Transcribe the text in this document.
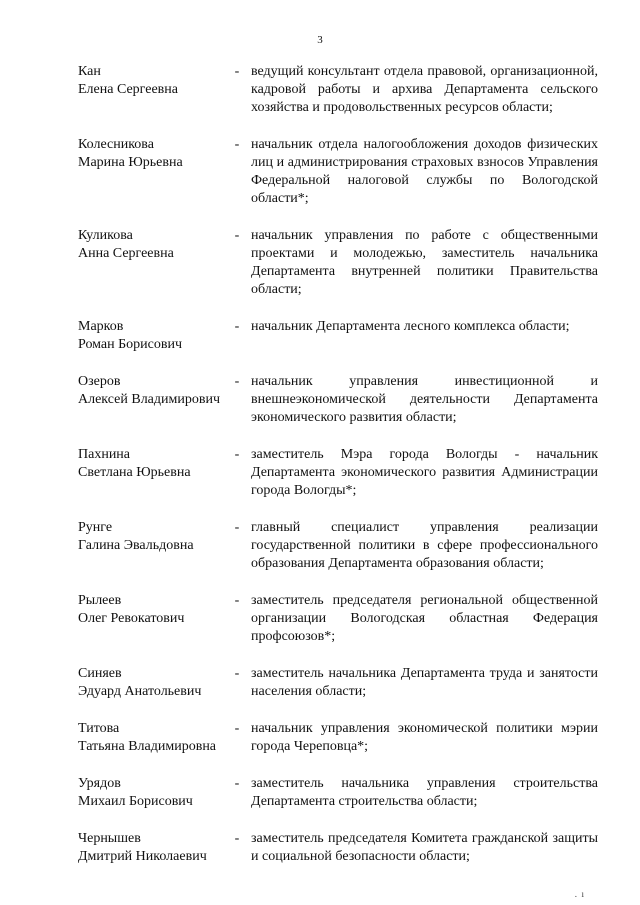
3
Кан
Елена Сергеевна
- ведущий консультант отдела правовой, организационной, кадровой работы и архива Департамента сельского хозяйства и продовольственных ресурсов области;
Колесникова
Марина Юрьевна
- начальник отдела налогообложения доходов физических лиц и администрирования страховых взносов Управления Федеральной налоговой службы по Вологодской области*;
Куликова
Анна Сергеевна
- начальник управления по работе с общественными проектами и молодежью, заместитель начальника Департамента внутренней политики Правительства области;
Марков
Роман Борисович
- начальник Департамента лесного комплекса области;
Озеров
Алексей Владимирович
- начальник управления инвестиционной и внешнеэкономической деятельности Департамента экономического развития области;
Пахнина
Светлана Юрьевна
- заместитель Мэра города Вологды - начальник Департамента экономического развития Администрации города Вологды*;
Рунге
Галина Эвальдовна
- главный специалист управления реализации государственной политики в сфере профессионального образования Департамента образования области;
Рылеев
Олег Ревокатович
- заместитель председателя региональной общественной организации Вологодская областная Федерация профсоюзов*;
Синяев
Эдуард Анатольевич
- заместитель начальника Департамента труда и занятости населения области;
Титова
Татьяна Владимировна
- начальник управления экономической политики мэрии города Череповца*;
Урядов
Михаил Борисович
- заместитель начальника управления строительства Департамента строительства области;
Чернышев
Дмитрий Николаевич
- заместитель председателя Комитета гражданской защиты и социальной безопасности области;
.  ı
